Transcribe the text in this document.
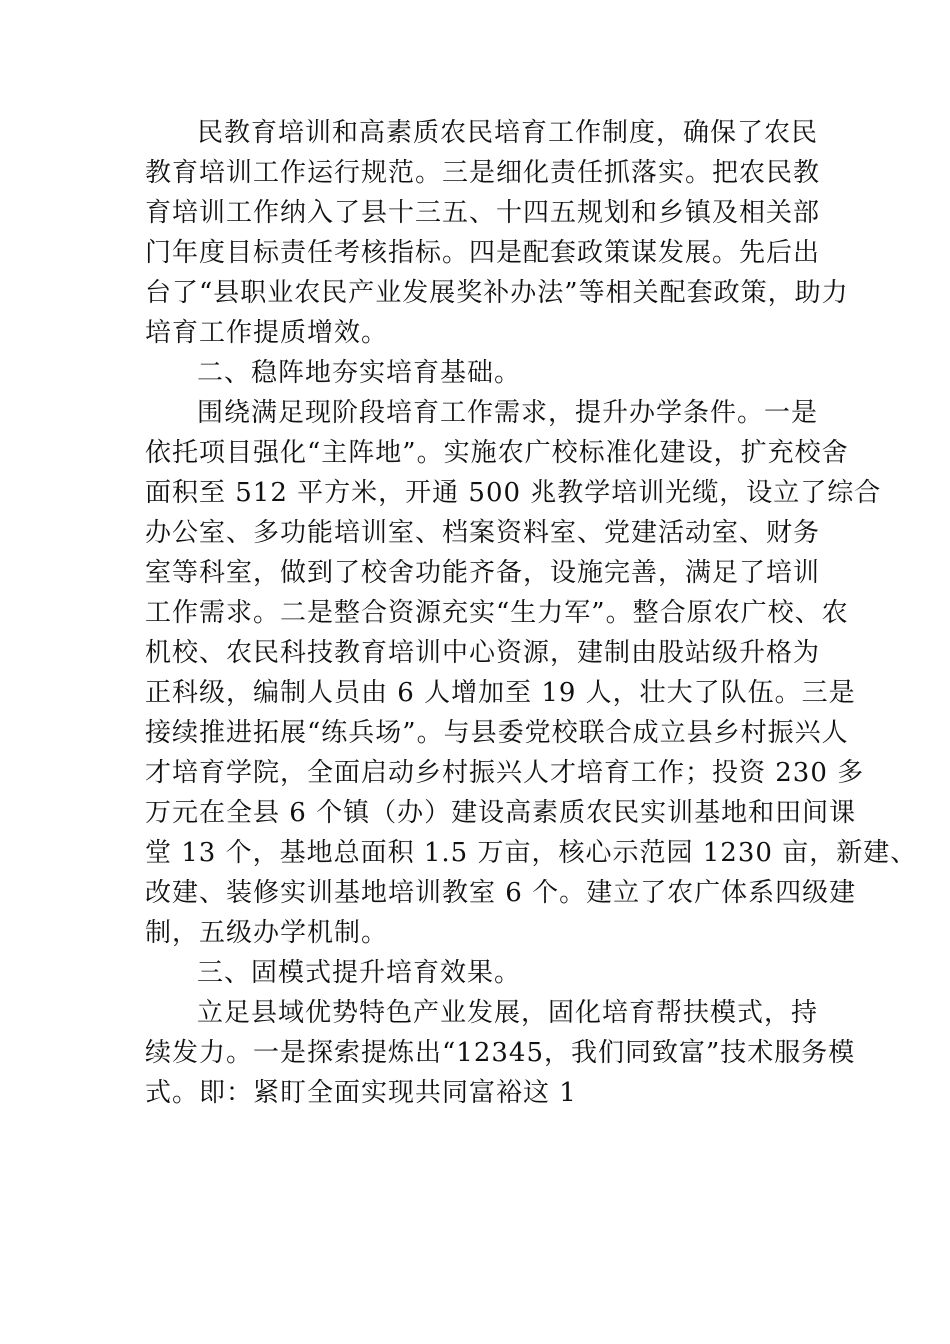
民教育培训和高素质农民培育工作制度，确保了农民
教育培训工作运行规范。三是细化责任抓落实。把农民教
育培训工作纳入了县十三五、十四五规划和乡镇及相关部
门年度目标责任考核指标。四是配套政策谋发展。先后出
台了“县职业农民产业发展奖补办法”等相关配套政策，助力
培育工作提质增效。
二、稳阵地夯实培育基础。
围绕满足现阶段培育工作需求，提升办学条件。一是
依托项目强化“主阵地”。实施农广校标准化建设，扩充校舍
面积至 512 平方米，开通 500 兆教学培训光缆，设立了综合
办公室、多功能培训室、档案资料室、党建活动室、财务
室等科室，做到了校舍功能齐备，设施完善，满足了培训
工作需求。二是整合资源充实“生力军”。整合原农广校、农
机校、农民科技教育培训中心资源，建制由股站级升格为
正科级，编制人员由 6 人增加至 19 人，壮大了队伍。三是
接续推进拓展“练兵场”。与县委党校联合成立县乡村振兴人
才培育学院，全面启动乡村振兴人才培育工作；投资 230 多
万元在全县 6 个镇（办）建设高素质农民实训基地和田间课
堂 13 个，基地总面积 1.5 万亩，核心示范园 1230 亩，新建、
改建、装修实训基地培训教室 6 个。建立了农广体系四级建
制，五级办学机制。
三、固模式提升培育效果。
立足县域优势特色产业发展，固化培育帮扶模式，持
续发力。一是探索提炼出“12345，我们同致富”技术服务模
式。即：紧盯全面实现共同富裕这 1
